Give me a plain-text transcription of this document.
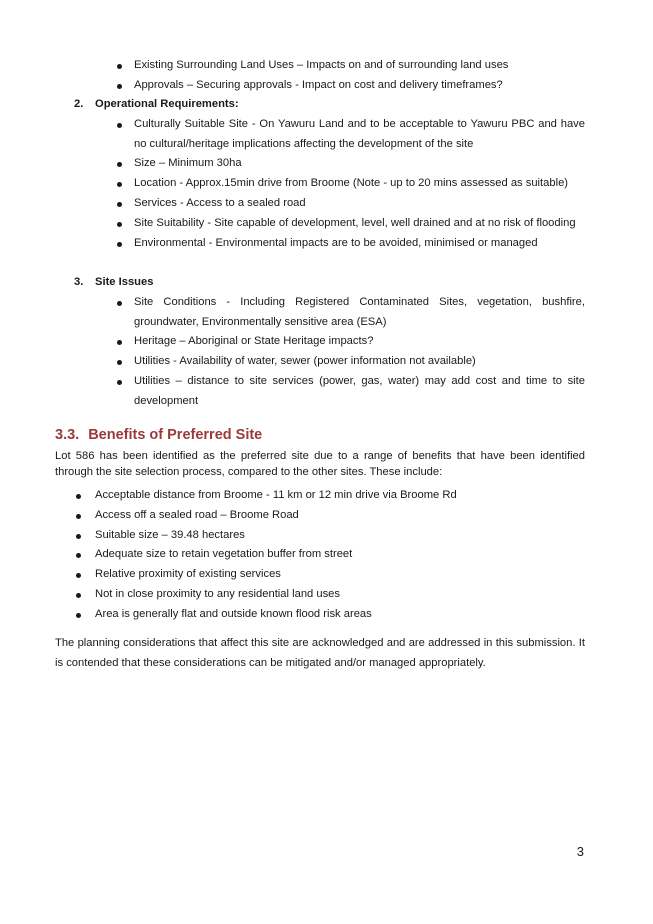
Existing Surrounding Land Uses – Impacts on and of surrounding land uses
Approvals – Securing approvals - Impact on cost and delivery timeframes?

2. Operational Requirements:

Culturally Suitable Site - On Yawuru Land and to be acceptable to Yawuru PBC and have no cultural/heritage implications affecting the development of the site
Size – Minimum 30ha
Location - Approx.15min drive from Broome (Note - up to 20 mins assessed as suitable)
Services - Access to a sealed road
Site Suitability - Site capable of development, level, well drained and at no risk of flooding
Environmental - Environmental impacts are to be avoided, minimised or managed

3. Site Issues

Site Conditions - Including Registered Contaminated Sites, vegetation, bushfire, groundwater, Environmentally sensitive area (ESA)
Heritage – Aboriginal or State Heritage impacts?
Utilities - Availability of water, sewer (power information not available)
Utilities – distance to site services (power, gas, water) may add cost and time to site development
3.3. Benefits of Preferred Site

Lot 586 has been identified as the preferred site due to a range of benefits that have been identified through the site selection process, compared to the other sites. These include:

Acceptable distance from Broome - 11 km or 12 min drive via Broome Rd
Access off a sealed road – Broome Road
Suitable size – 39.48 hectares
Adequate size to retain vegetation buffer from street
Relative proximity of existing services
Not in close proximity to any residential land uses
Area is generally flat and outside known flood risk areas

The planning considerations that affect this site are acknowledged and are addressed in this submission. It is contended that these considerations can be mitigated and/or managed appropriately.

3
